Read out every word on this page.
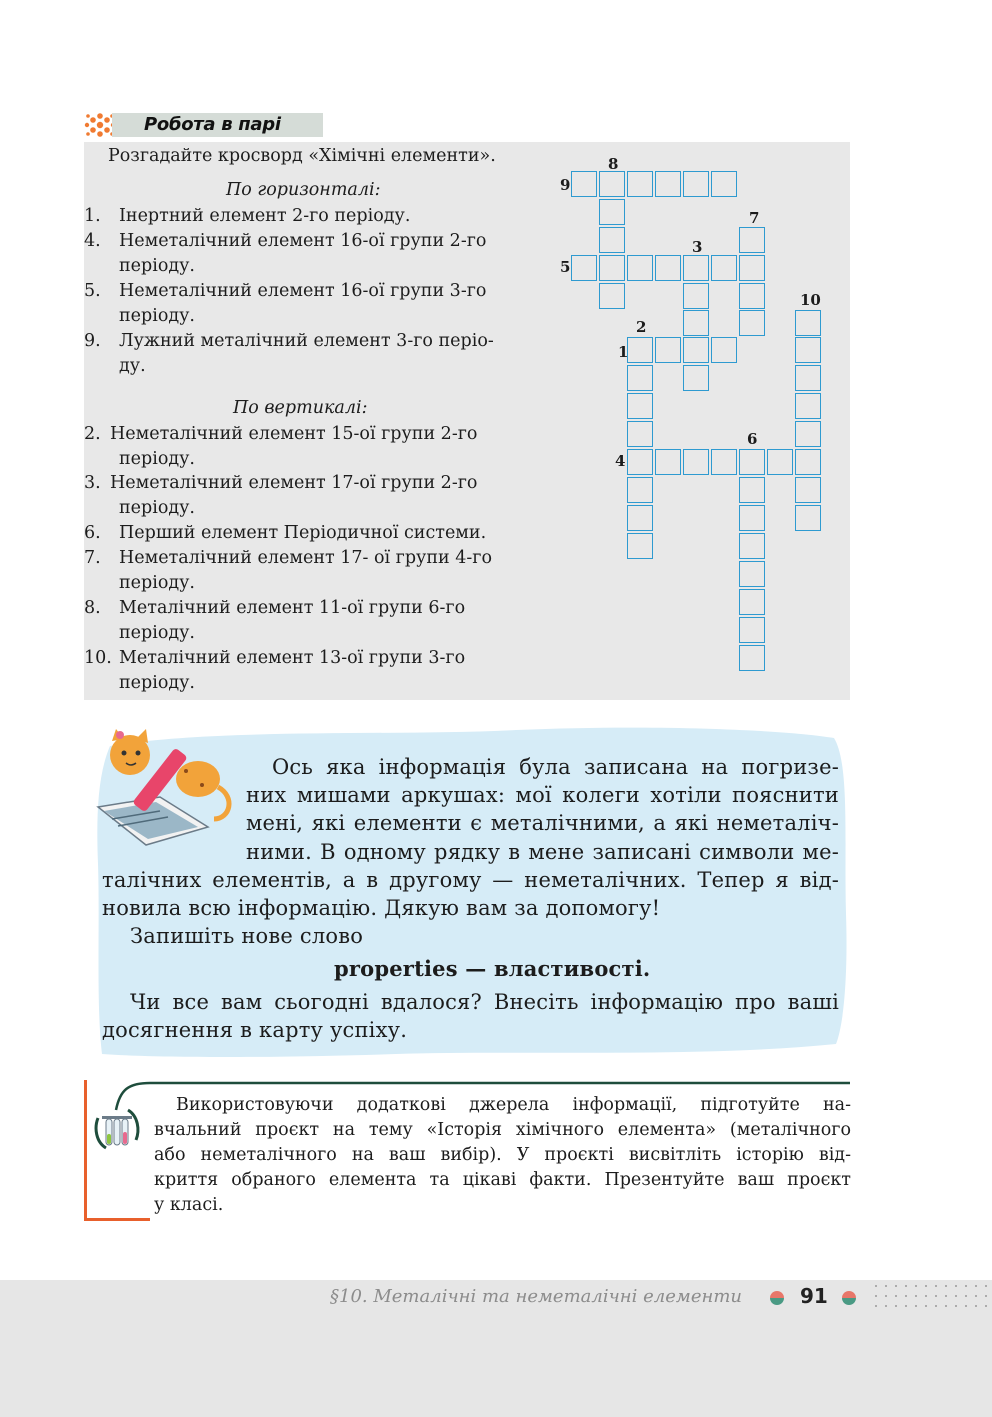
Робота в парі
Розгадайте кросворд «Хімічні елементи».
По горизонталі:
1.	Інертний елемент 2-го періоду.
4.	Неметалічний елемент 16-ої групи 2-го
періоду.
5.	Неметалічний елемент 16-ої групи 3-го
періоду.
9.	Лужний металічний елемент 3-го періо-
ду.
По вертикалі:
2. Неметалічний елемент 15-ої групи 2-го
періоду.
3. Неметалічний елемент 17-ої групи 2-го
періоду.
6.	Перший елемент Періодичної системи.
7.	Неметалічний елемент 17- ої групи 4-го
періоду.
8.	Металічний елемент 11-ої групи 6-го
періоду.
10. Металічний елемент 13-ої групи 3-го
періоду.
1
2
3
4
5
6
7
8
9
10
Ось яка інформація була записана на погризе-
них мишами аркушах: мої колеги хотіли пояснити
мені, які елементи є металічними, а які неметаліч-
ними. В одному рядку в мене записані символи ме-
талічних елементів, а в другому — неметалічних. Тепер я від-
новила всю інформацію. Дякую вам за допомогу!
Запишіть нове слово
properties — властивості.
Чи все вам сьогодні вдалося? Внесіть інформацію про ваші
досягнення в карту успіху.
Використовуючи додаткові джерела інформації, підготуйте на-
вчальний проєкт на тему «Історія хімічного елемента» (металічного
або неметалічного на ваш вибір). У проєкті висвітліть історію від-
криття обраного елемента та цікаві факти. Презентуйте ваш проєкт
у класі.
§10. Металічні та неметалічні елементи	91
